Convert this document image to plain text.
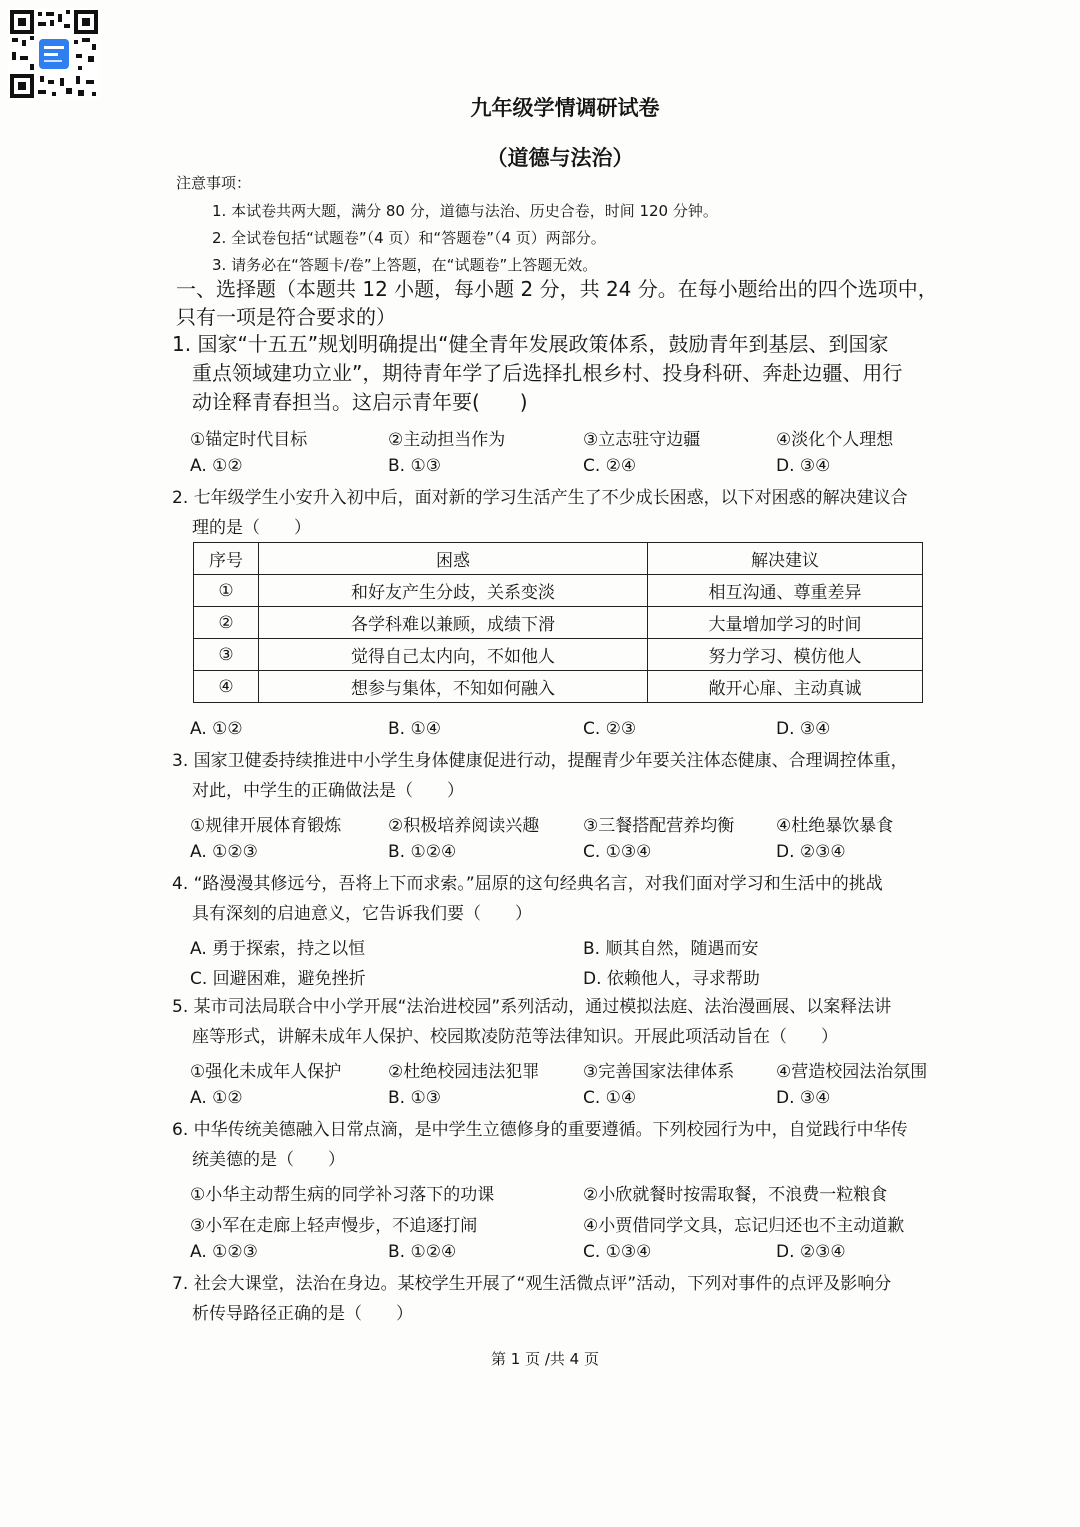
九年级学情调研试卷
（道德与法治）
注意事项：
1. 本试卷共两大题，满分 80 分，道德与法治、历史合卷，时间 120 分钟。
2. 全试卷包括“试题卷”（4 页）和“答题卷”（4 页）两部分。
3. 请务必在“答题卡/卷”上答题，在“试题卷”上答题无效。
一、选择题（本题共 12 小题，每小题 2 分，共 24 分。在每小题给出的四个选项中，只有一项是符合要求的）
1. 国家“十五五”规划明确提出“健全青年发展政策体系，鼓励青年到基层、到国家
重点领域建功立业”，期待青年学了后选择扎根乡村、投身科研、奔赴边疆、用行
动诠释青春担当。这启示青年要(　　)
①锚定时代目标	②主动担当作为	③立志驻守边疆	④淡化个人理想
A. ①②	B. ①③	C. ②④	D. ③④
2. 七年级学生小安升入初中后，面对新的学习生活产生了不少成长困惑，以下对困惑的解决建议合
理的是（　　）
序号	困惑	解决建议
①	和好友产生分歧，关系变淡	相互沟通、尊重差异
②	各学科难以兼顾，成绩下滑	大量增加学习的时间
③	觉得自己太内向，不如他人	努力学习、模仿他人
④	想参与集体，不知如何融入	敞开心扉、主动真诚
A. ①②	B. ①④	C. ②③	D. ③④
3. 国家卫健委持续推进中小学生身体健康促进行动，提醒青少年要关注体态健康、合理调控体重，
对此，中学生的正确做法是（　　）
①规律开展体育锻炼	②积极培养阅读兴趣	③三餐搭配营养均衡 ④杜绝暴饮暴食
A. ①②③	B. ①②④	C. ①③④	D. ②③④
4. “路漫漫其修远兮，吾将上下而求索。”屈原的这句经典名言，对我们面对学习和生活中的挑战
具有深刻的启迪意义，它告诉我们要（　　）
A. 勇于探索，持之以恒	B. 顺其自然，随遇而安
C. 回避困难，避免挫折	D. 依赖他人，寻求帮助
5. 某市司法局联合中小学开展“法治进校园”系列活动，通过模拟法庭、法治漫画展、以案释法讲
座等形式，讲解未成年人保护、校园欺凌防范等法律知识。开展此项活动旨在（　　）
①强化未成年人保护	②杜绝校园违法犯罪	③完善国家法律体系 ④营造校园法治氛围
A. ①②	B. ①③	C. ①④	D. ③④
6. 中华传统美德融入日常点滴，是中学生立德修身的重要遵循。下列校园行为中，自觉践行中华传
统美德的是（　　）
①小华主动帮生病的同学补习落下的功课	②小欣就餐时按需取餐，不浪费一粒粮食
③小军在走廊上轻声慢步，不追逐打闹	④小贾借同学文具，忘记归还也不主动道歉
A. ①②③	B. ①②④	C. ①③④	D. ②③④
7. 社会大课堂，法治在身边。某校学生开展了“观生活微点评”活动，下列对事件的点评及影响分
析传导路径正确的是（　　）
第 1 页 /共 4 页
